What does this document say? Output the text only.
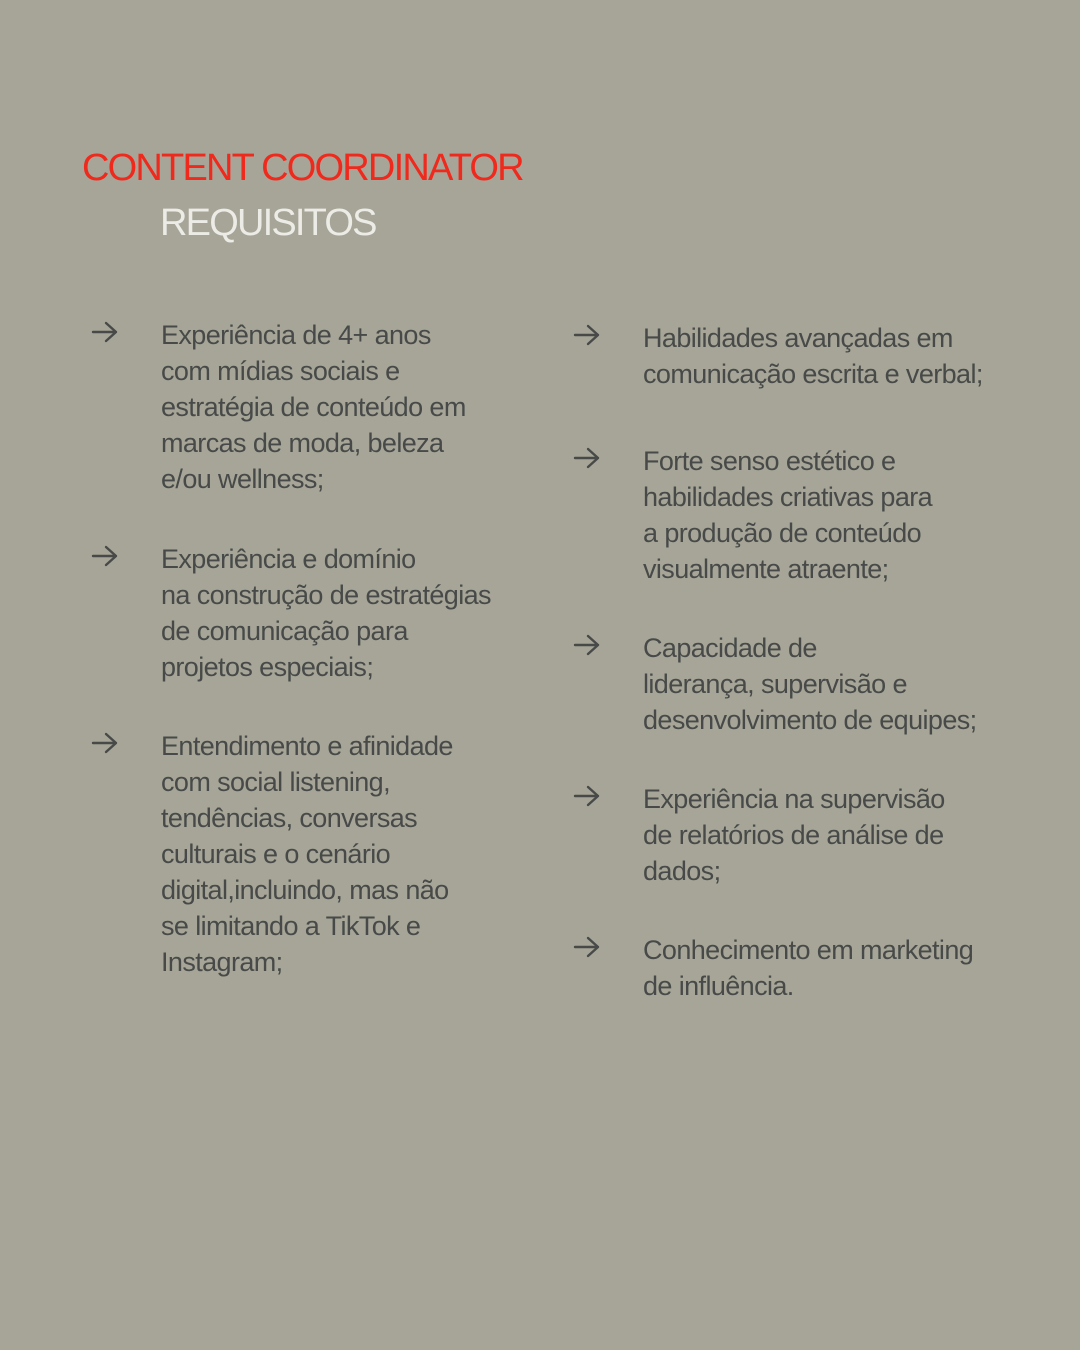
CONTENT COORDINATOR
REQUISITOS

Experiência de 4+ anos
com mídias sociais e
estratégia de conteúdo em
marcas de moda, beleza
e/ou wellness;

Experiência e domínio
na construção de estratégias
de comunicação para
projetos especiais;

Entendimento e afinidade
com social listening,
tendências, conversas
culturais e o cenário
digital,incluindo, mas não
se limitando a TikTok e
Instagram;

Habilidades avançadas em
comunicação escrita e verbal;

Forte senso estético e
habilidades criativas para
a produção de conteúdo
visualmente atraente;

Capacidade de
liderança, supervisão e
desenvolvimento de equipes;

Experiência na supervisão
de relatórios de análise de
dados;

Conhecimento em marketing
de influência.
